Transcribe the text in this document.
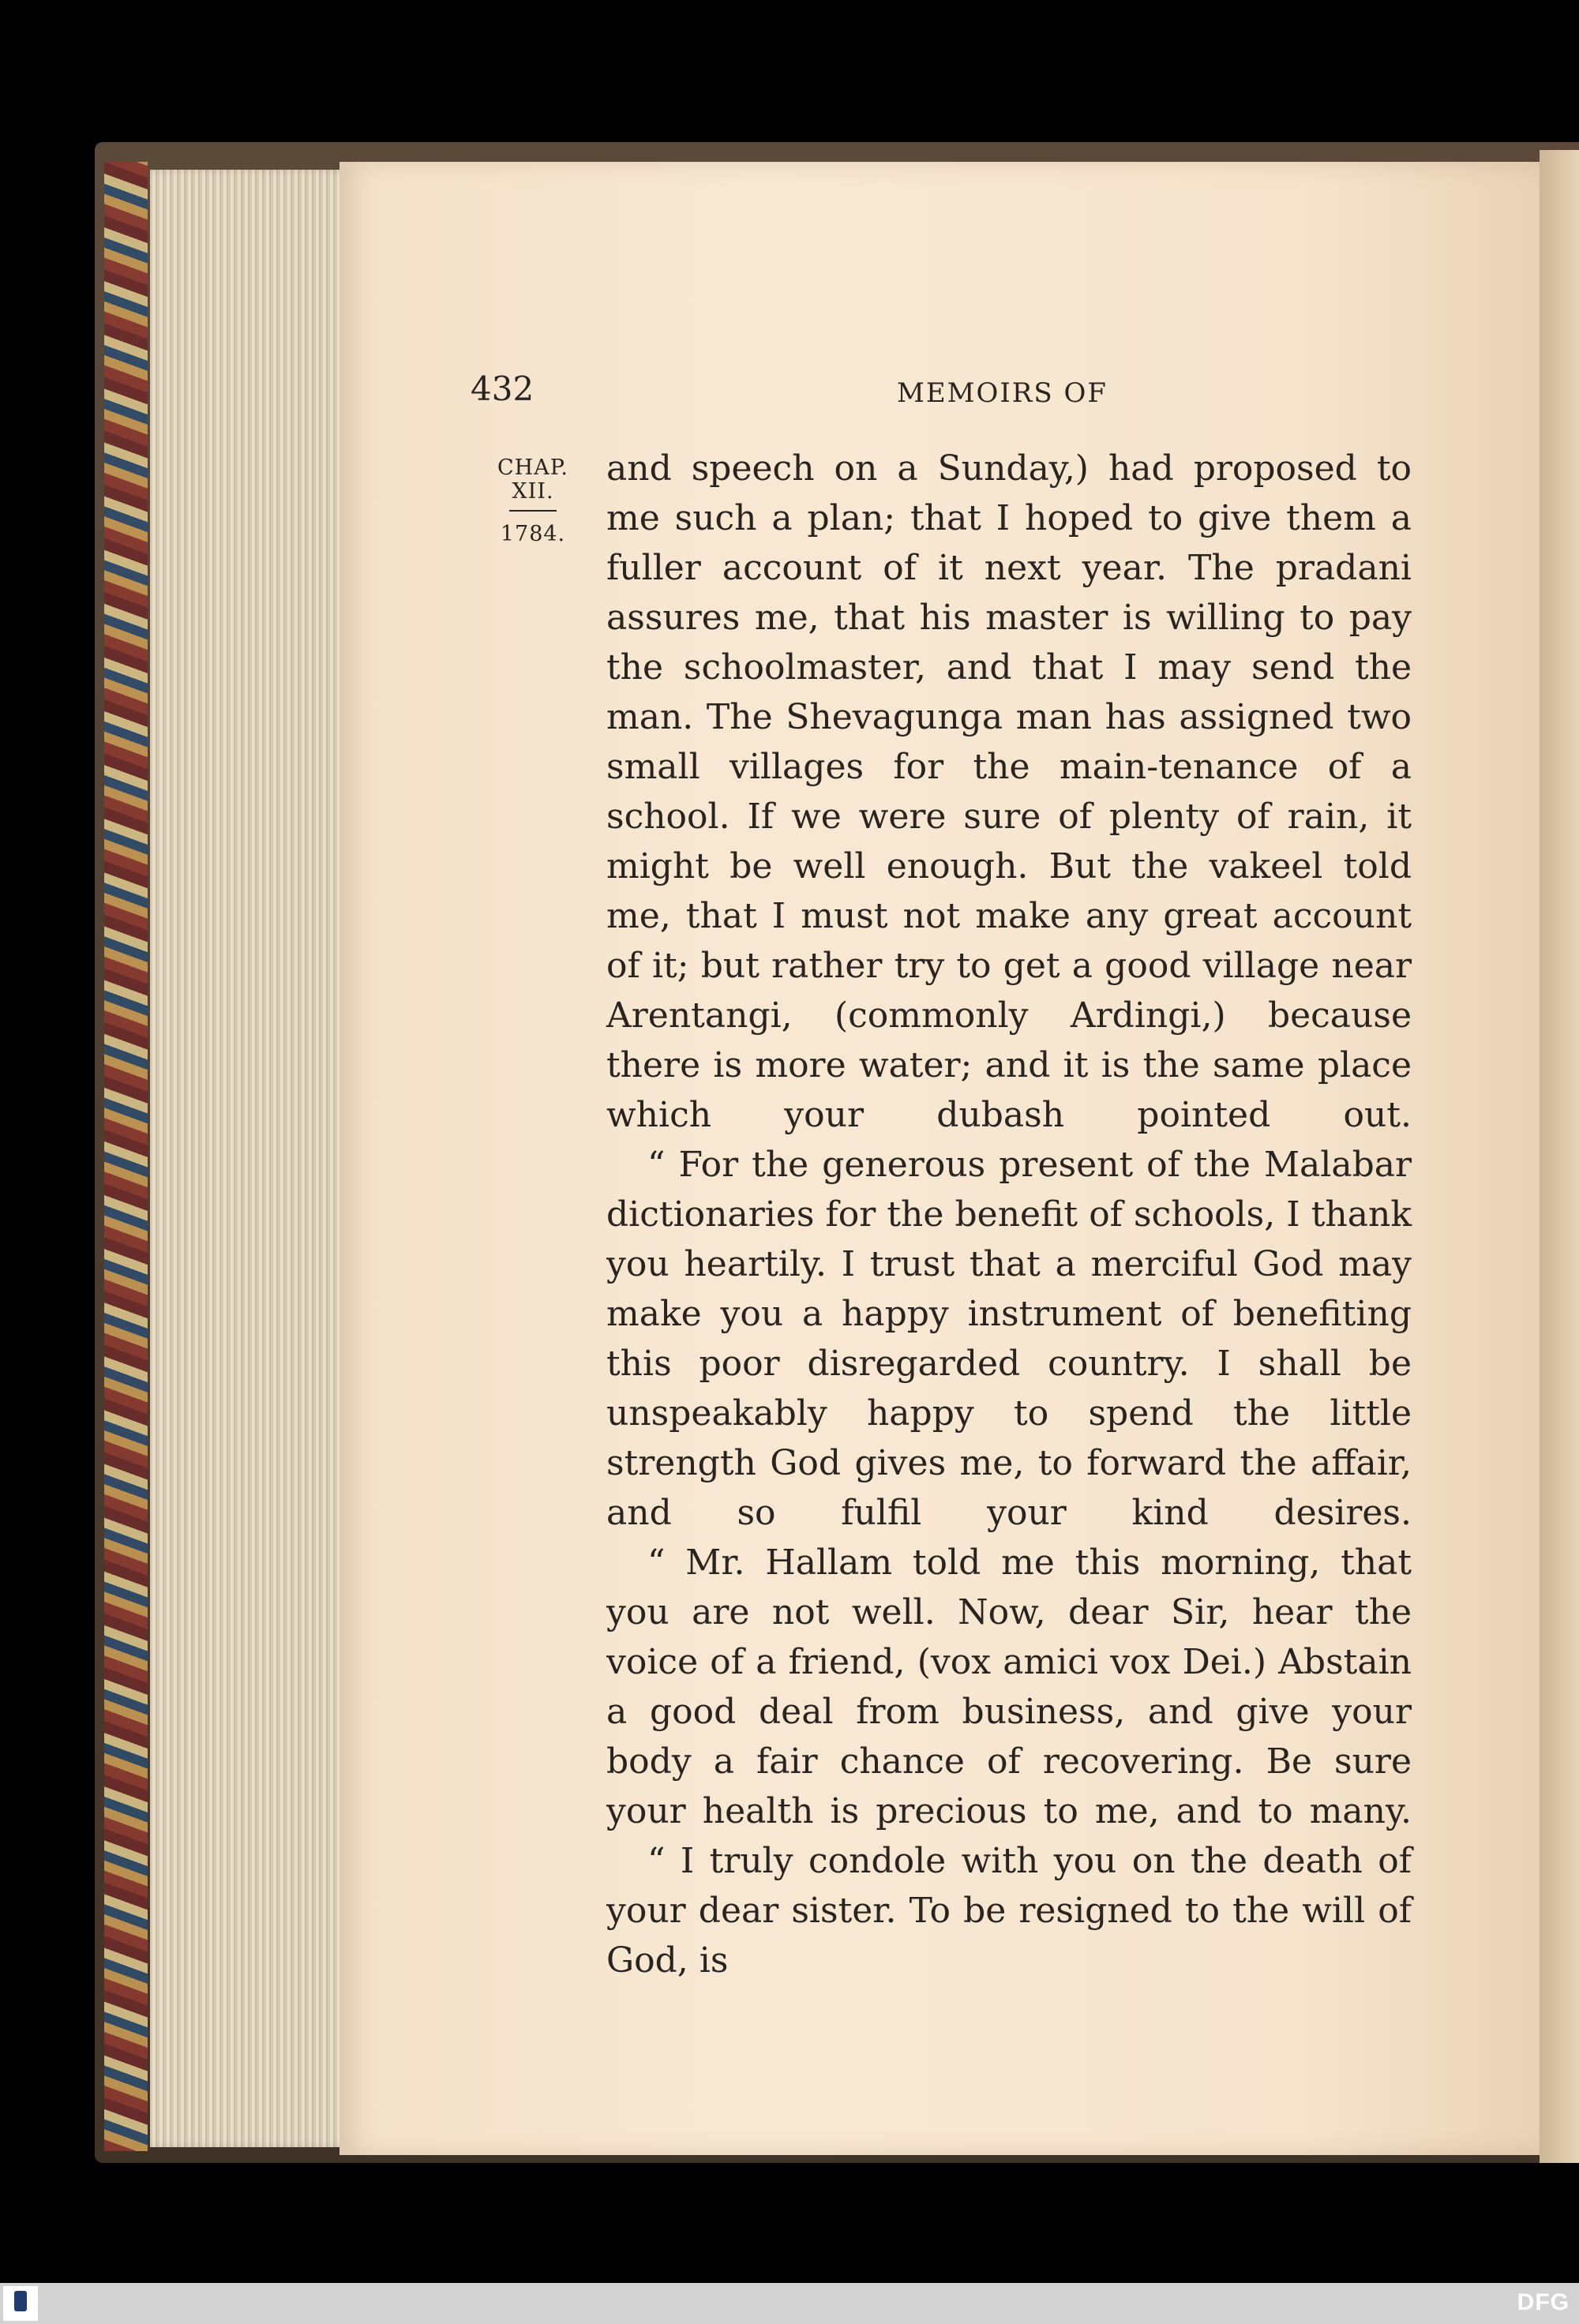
432	MEMOIRS OF
CHAP.
XII.
1784.

and speech on a Sunday,) had proposed to me such a plan; that I hoped to give them a fuller account of it next year. The pradani assures me, that his master is willing to pay the schoolmaster, and that I may send the man. The Shevagunga man has assigned two small villages for the main-tenance of a school. If we were sure of plenty of rain, it might be well enough. But the vakeel told me, that I must not make any great account of it; but rather try to get a good village near Arentangi, (commonly Ardingi,) because there is more water; and it is the same place which your dubash pointed out.

“ For the generous present of the Malabar dictionaries for the benefit of schools, I thank you heartily. I trust that a merciful God may make you a happy instrument of benefiting this poor disregarded country. I shall be unspeakably happy to spend the little strength God gives me, to forward the affair, and so fulfil your kind desires.

“ Mr. Hallam told me this morning, that you are not well. Now, dear Sir, hear the voice of a friend, (vox amici vox Dei.) Abstain a good deal from business, and give your body a fair chance of recovering. Be sure your health is precious to me, and to many.

“ I truly condole with you on the death of your dear sister. To be resigned to the will of God, is

DFG
